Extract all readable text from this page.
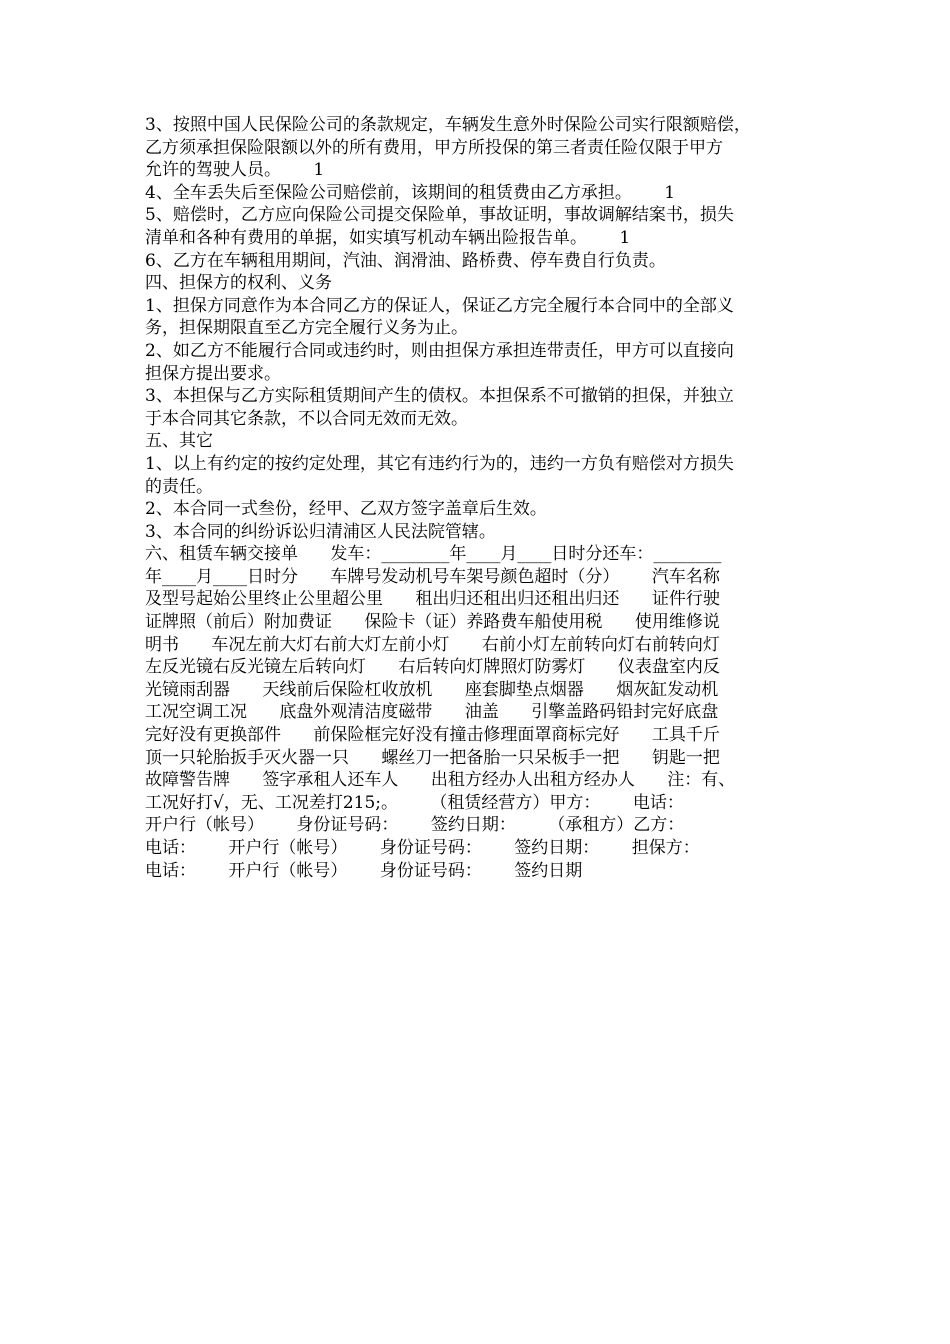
3、按照中国人民保险公司的条款规定，车辆发生意外时保险公司实行限额赔偿，
乙方须承担保险限额以外的所有费用，甲方所投保的第三者责任险仅限于甲方
允许的驾驶人员。      1
4、全车丢失后至保险公司赔偿前，该期间的租赁费由乙方承担。      1
5、赔偿时，乙方应向保险公司提交保险单，事故证明，事故调解结案书，损失
清单和各种有费用的单据，如实填写机动车辆出险报告单。      1
6、乙方在车辆租用期间，汽油、润滑油、路桥费、停车费自行负责。
四、担保方的权利、义务
1、担保方同意作为本合同乙方的保证人，保证乙方完全履行本合同中的全部义
务，担保期限直至乙方完全履行义务为止。
2、如乙方不能履行合同或违约时，则由担保方承担连带责任，甲方可以直接向
担保方提出要求。
3、本担保与乙方实际租赁期间产生的债权。本担保系不可撤销的担保，并独立
于本合同其它条款，不以合同无效而无效。
五、其它
1、以上有约定的按约定处理，其它有违约行为的，违约一方负有赔偿对方损失
的责任。
2、本合同一式叁份，经甲、乙双方签字盖章后生效。
3、本合同的纠纷诉讼归清浦区人民法院管辖。
六、租赁车辆交接单      发车：________年____月____日时分还车：________
年____月____日时分      车牌号发动机号车架号颜色超时（分）      汽车名称
及型号起始公里终止公里超公里      租出归还租出归还租出归还      证件行驶
证牌照（前后）附加费证      保险卡（证）养路费车船使用税      使用维修说
明书      车况左前大灯右前大灯左前小灯      右前小灯左前转向灯右前转向灯
左反光镜右反光镜左后转向灯      右后转向灯牌照灯防雾灯      仪表盘室内反
光镜雨刮器      天线前后保险杠收放机      座套脚垫点烟器      烟灰缸发动机
工况空调工况      底盘外观清洁度磁带      油盖      引擎盖路码铅封完好底盘
完好没有更换部件      前保险框完好没有撞击修理面罩商标完好      工具千斤
顶一只轮胎扳手灭火器一只      螺丝刀一把备胎一只呆板手一把      钥匙一把
故障警告牌      签字承租人还车人      出租方经办人出租方经办人      注：有、
工况好打√，无、工况差打215;。      （租赁经营方）甲方：      电话：
开户行（帐号）      身份证号码：      签约日期：      （承租方）乙方：
电话：      开户行（帐号）      身份证号码：      签约日期：      担保方：
电话：      开户行（帐号）      身份证号码：      签约日期
